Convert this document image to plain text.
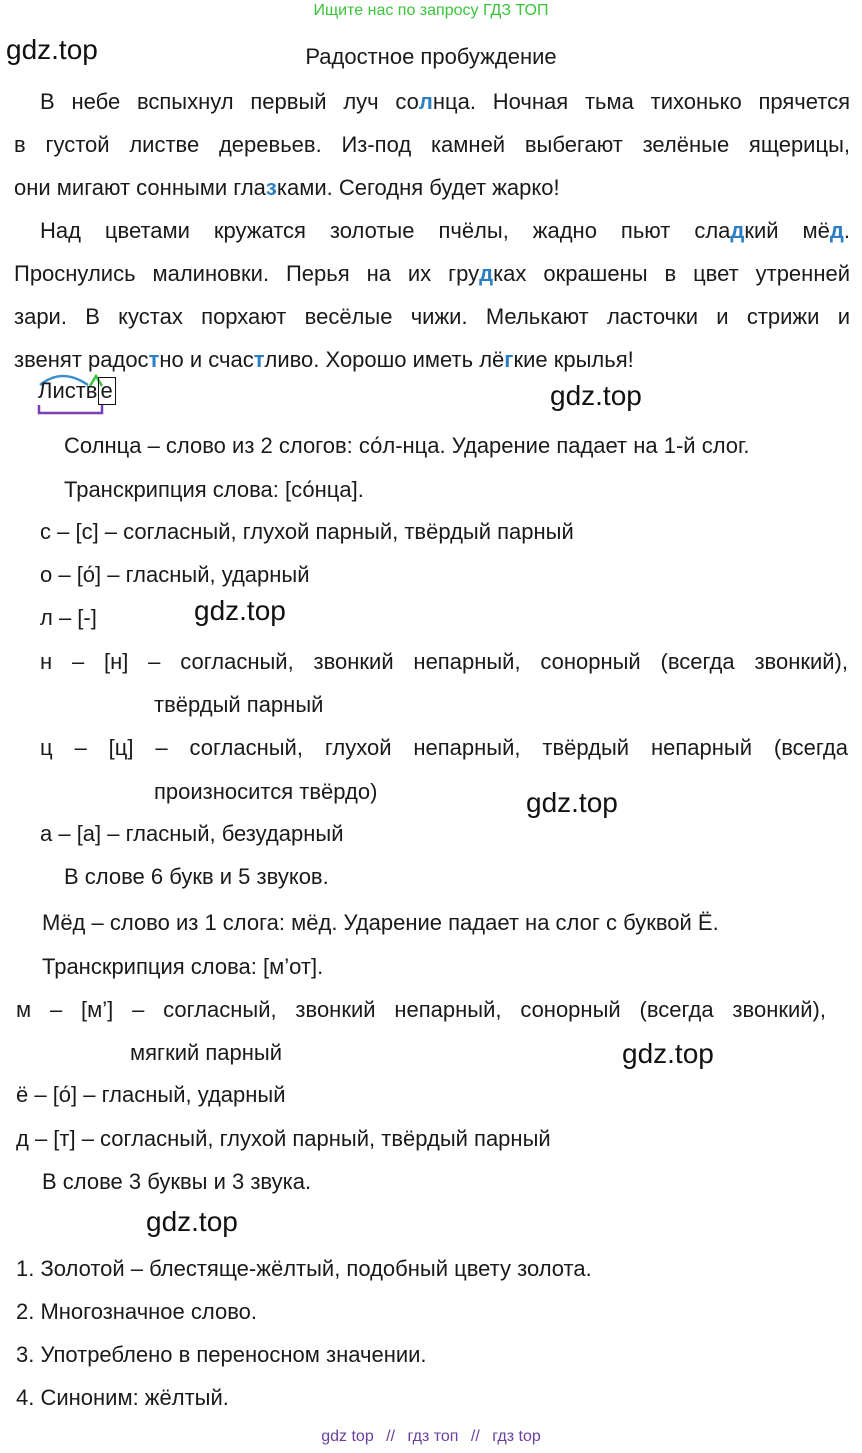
Ищите нас по запросу ГДЗ ТОП
gdz.top	Радостное пробуждение
В небе вспыхнул первый луч солнца. Ночная тьма тихонько прячется
в густой листве деревьев. Из-под камней выбегают зелёные ящерицы,
они мигают сонными глазками. Сегодня будет жарко!
Над цветами кружатся золотые пчёлы, жадно пьют сладкий мёд.
Проснулись малиновки. Перья на их грудках окрашены в цвет утренней
зари. В кустах порхают весёлые чижи. Мелькают ласточки и стрижи и
звенят радостно и счастливо. Хорошо иметь лёгкие крылья!
Листв е	gdz.top
Солнца – слово из 2 слогов: со́л-нца. Ударение падает на 1-й слог.
Транскрипция слова: [со́нца].
с – [с] – согласный, глухой парный, твёрдый парный
о – [о́] – гласный, ударный
л – [-]	gdz.top
н – [н] – согласный, звонкий непарный, сонорный (всегда звонкий),
твёрдый парный
ц – [ц] – согласный, глухой непарный, твёрдый непарный (всегда
произносится твёрдо)	gdz.top
а – [а] – гласный, безударный
В слове 6 букв и 5 звуков.
Мёд – слово из 1 слога: мёд. Ударение падает на слог с буквой Ё.
Транскрипция слова: [м’от].
м – [м’] – согласный, звонкий непарный, сонорный (всегда звонкий),
мягкий парный	gdz.top
ё – [о́] – гласный, ударный
д – [т] – согласный, глухой парный, твёрдый парный
В слове 3 буквы и 3 звука.
gdz.top
1. Золотой – блестяще-жёлтый, подобный цвету золота.
2. Многозначное слово.
3. Употреблено в переносном значении.
4. Синоним: жёлтый.
gdz top // гдз топ // гдз top
